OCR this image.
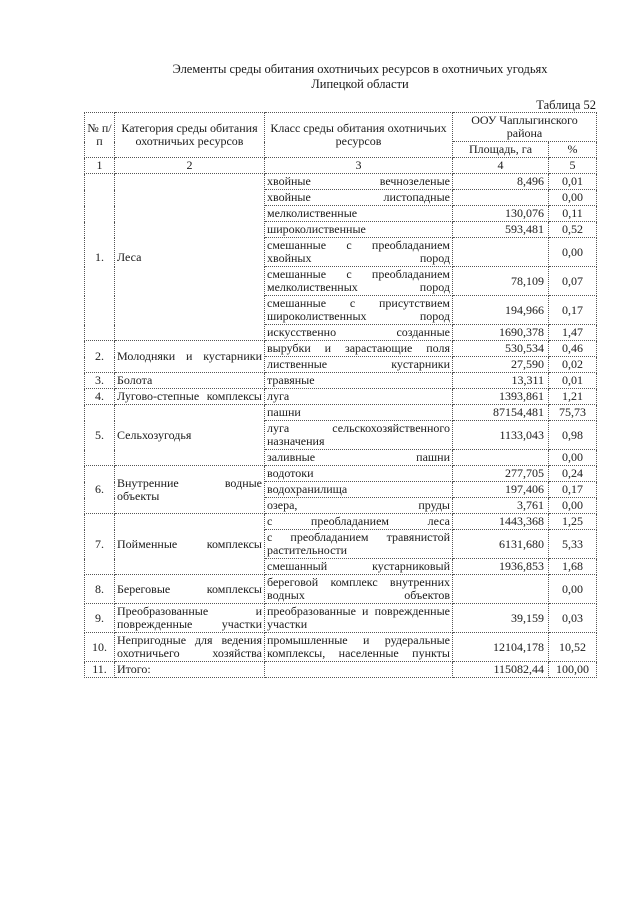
Элементы среды обитания охотничьих ресурсов в охотничьих угодьях
Липецкой области
Таблица 52
№ п/п	Категория среды обитания охотничьих ресурсов	Класс среды обитания охотничьих ресурсов	ООУ Чаплыгинского района	
			Площадь, га	%
1	2	3	4	5
1.	Леса	хвойные вечнозеленые	8,496	0,01
		хвойные листопадные		0,00
		мелколиственные	130,076	0,11
		широколиственные	593,481	0,52
		смешанные с преобладанием хвойных пород		0,00
		смешанные с преобладанием мелколиственных пород	78,109	0,07
		смешанные с присутствием широколиственных пород	194,966	0,17
		искусственно созданные	1690,378	1,47
2.	Молодняки и кустарники	вырубки и зарастающие поля	530,534	0,46
		лиственные кустарники	27,590	0,02
3.	Болота	травяные	13,311	0,01
4.	Лугово-степные комплексы	луга	1393,861	1,21
5.	Сельхозугодья	пашни	87154,481	75,73
		луга сельскохозяйственного назначения	1133,043	0,98
		заливные пашни		0,00
6.	Внутренние водные объекты	водотоки	277,705	0,24
		водохранилища	197,406	0,17
		озера, пруды	3,761	0,00
7.	Пойменные комплексы	с преобладанием леса	1443,368	1,25
		с преобладанием травянистой растительности	6131,680	5,33
		смешанный кустарниковый	1936,853	1,68
8.	Береговые комплексы	береговой комплекс внутренних водных объектов		0,00
9.	Преобразованные и поврежденные участки	преобразованные и поврежденные участки	39,159	0,03
10.	Непригодные для ведения охотничьего хозяйства	промышленные и рудеральные комплексы, населенные пункты	12104,178	10,52
11.	Итого:		115082,44	100,00
